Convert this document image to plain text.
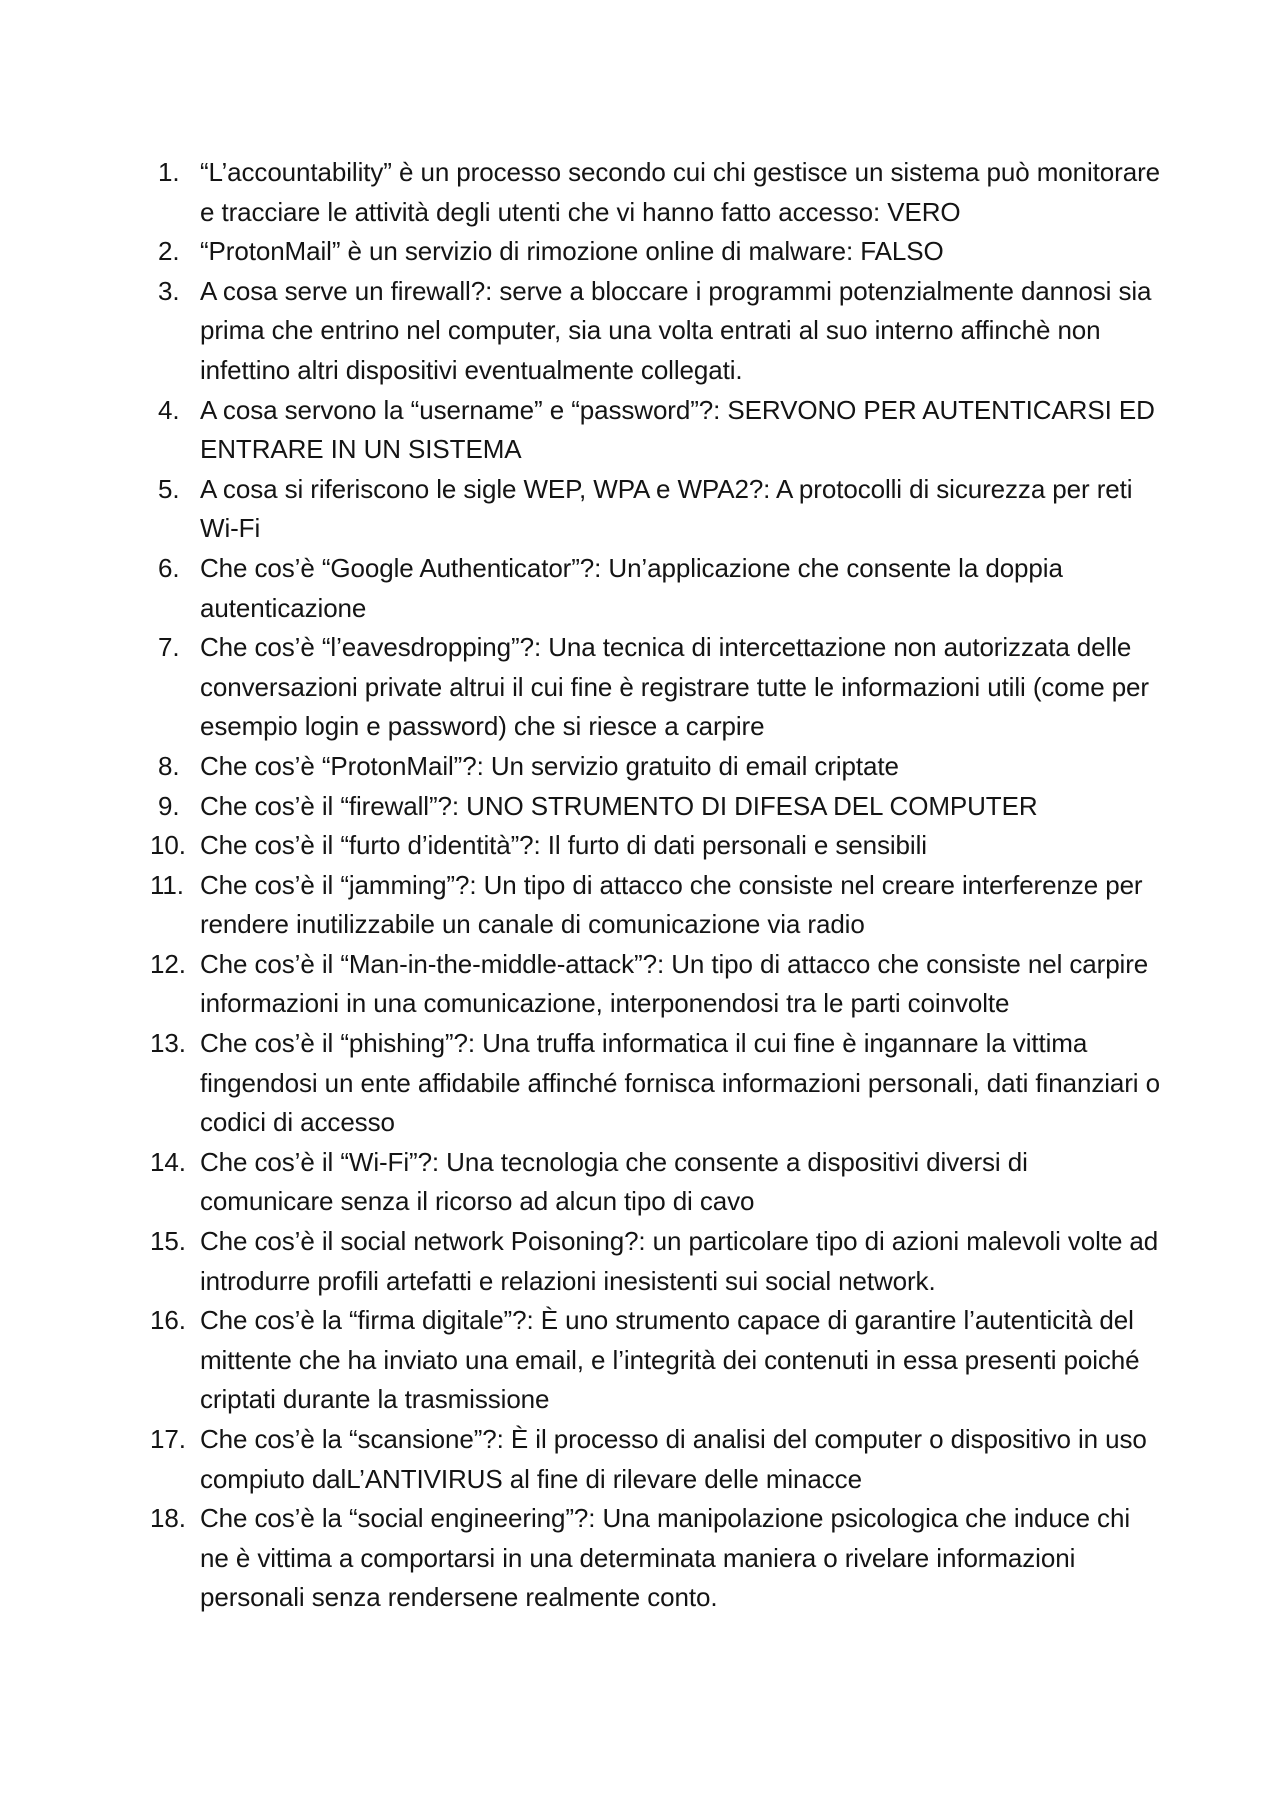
1. “L’accountability” è un processo secondo cui chi gestisce un sistema può monitorare e tracciare le attività degli utenti che vi hanno fatto accesso: VERO
2. “ProtonMail” è un servizio di rimozione online di malware: FALSO
3. A cosa serve un firewall?: serve a bloccare i programmi potenzialmente dannosi sia prima che entrino nel computer, sia una volta entrati al suo interno affinchè non infettino altri dispositivi eventualmente collegati.
4. A cosa servono la “username” e “password”?: SERVONO PER AUTENTICARSI ED ENTRARE IN UN SISTEMA
5. A cosa si riferiscono le sigle WEP, WPA e WPA2?: A protocolli di sicurezza per reti Wi-Fi
6. Che cos’è “Google Authenticator”?: Un’applicazione che consente la doppia autenticazione
7. Che cos’è “l’eavesdropping”?: Una tecnica di intercettazione non autorizzata delle conversazioni private altrui il cui fine è registrare tutte le informazioni utili (come per esempio login e password) che si riesce a carpire
8. Che cos’è “ProtonMail”?: Un servizio gratuito di email criptate
9. Che cos’è il “firewall”?: UNO STRUMENTO DI DIFESA DEL COMPUTER
10. Che cos’è il “furto d’identità”?: Il furto di dati personali e sensibili
11. Che cos’è il “jamming”?: Un tipo di attacco che consiste nel creare interferenze per rendere inutilizzabile un canale di comunicazione via radio
12. Che cos’è il “Man-in-the-middle-attack”?: Un tipo di attacco che consiste nel carpire informazioni in una comunicazione, interponendosi tra le parti coinvolte
13. Che cos’è il “phishing”?: Una truffa informatica il cui fine è ingannare la vittima fingendosi un ente affidabile affinché fornisca informazioni personali, dati finanziari o codici di accesso
14. Che cos’è il “Wi-Fi”?: Una tecnologia che consente a dispositivi diversi di comunicare senza il ricorso ad alcun tipo di cavo
15. Che cos’è il social network Poisoning?: un particolare tipo di azioni malevoli volte ad introdurre profili artefatti e relazioni inesistenti sui social network.
16. Che cos’è la “firma digitale”?: È uno strumento capace di garantire l’autenticità del mittente che ha inviato una email, e l’integrità dei contenuti in essa presenti poiché criptati durante la trasmissione
17. Che cos’è la “scansione”?: È il processo di analisi del computer o dispositivo in uso compiuto dalL’ANTIVIRUS al fine di rilevare delle minacce
18. Che cos’è la “social engineering”?: Una manipolazione psicologica che induce chi ne è vittima a comportarsi in una determinata maniera o rivelare informazioni personali senza rendersene realmente conto.
